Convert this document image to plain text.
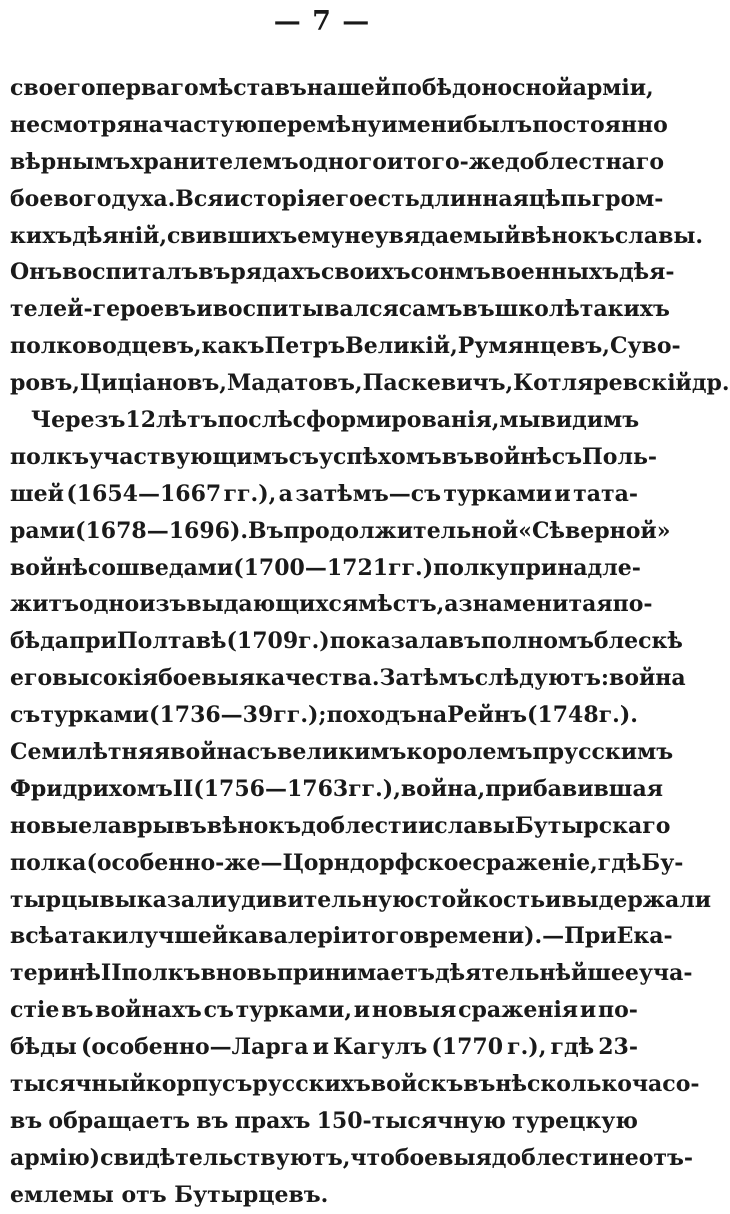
— 7 —
своего перваго мѣста въ нашей побѣдоносной арміи,
не смотря на частую перемѣну имени былъ постоянно
вѣрнымъ хранителемъ одного и того-же доблестнаго
боевого духа. Вся исторія его есть длинная цѣпь гром-
кихъ дѣяній, свившихъ ему неувядаемый вѣнокъ славы.
Онъ воспиталъ въ рядахъ своихъ сонмъ военныхъ дѣя-
телей-героевъ и воспитывался самъ въ школѣ такихъ
полководцевъ, какъ Петръ Великій, Румянцевъ, Суво-
ровъ, Циціановъ, Мадатовъ, Паскевичъ, Котляревскій др.
Черезъ 12 лѣтъ послѣ сформированія, мы видимъ
полкъ участвующимъ съ успѣхомъ въ войнѣ съ Поль-
шей (1654—1667 гг.), а затѣмъ—съ турками и тата-
рами (1678 — 1696). Въ продолжительной «Сѣверной»
войнѣ со шведами (1700—1721 гг.) полку принадле-
житъ одно изъ выдающихся мѣстъ, а знаменитая по-
бѣда при Полтавѣ (1709 г.) показала въ полномъ блескѣ
его высокія боевыя качества. Затѣмъ слѣдуютъ: война
съ турками (1736—39 гг.); походъ на Рейнъ (1748 г.).
Семилѣтняя война съ великимъ королемъ прусскимъ
Фридрихомъ II (1756—1763 гг.), война, прибавившая
новые лавры въ вѣнокъ доблести и славы Бутырскаго
полка (особенно-же—Цорндорфское сраженіе, гдѣ Бу-
тырцы выказали удивительную стойкость и выдержали
всѣ атаки лучшей кавалеріи того времени).—При Ека-
теринѣ II полкъ вновь принимаетъ дѣятельнѣйшее уча-
стіе въ войнахъ съ турками, и новыя сраженія и по-
бѣды (особенно—Ларга и Кагулъ (1770 г.), гдѣ 23-
тысячный корпусъ русскихъ войскъ въ нѣсколько часо-
въ обращаетъ въ прахъ 150-тысячную турецкую
армію) свидѣтельствуютъ, что боевыя доблести неотъ-
емлемы отъ Бутырцевъ.
